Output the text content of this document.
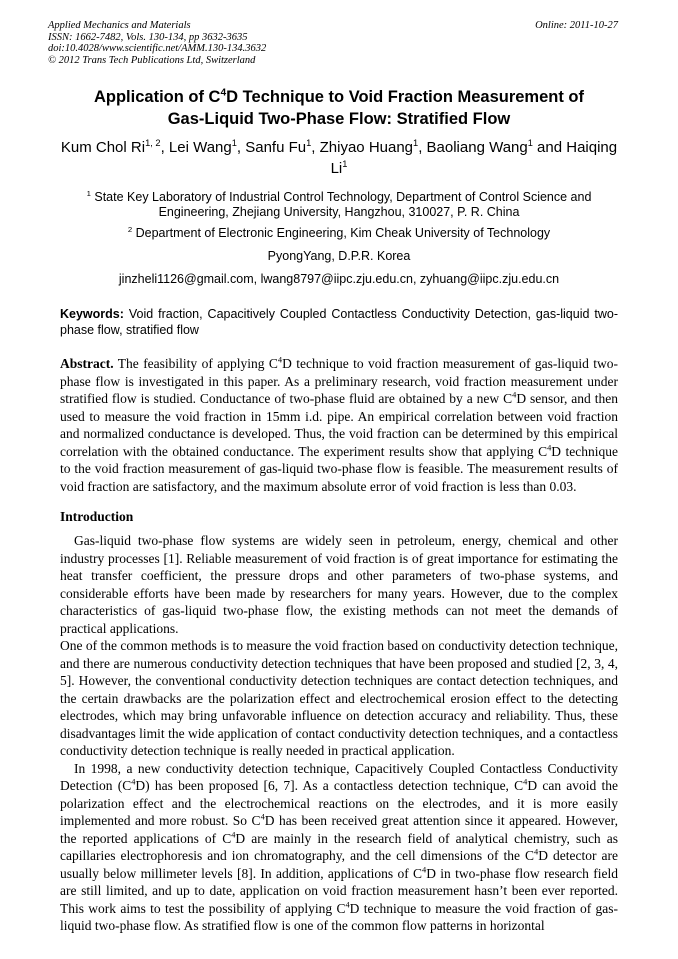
Applied Mechanics and Materials
ISSN: 1662-7482, Vols. 130-134, pp 3632-3635
doi:10.4028/www.scientific.net/AMM.130-134.3632
© 2012 Trans Tech Publications Ltd, Switzerland
Online: 2011-10-27
Application of $C^4D$ Technique to Void Fraction Measurement of
Gas-Liquid Two-Phase Flow: Stratified Flow
Kum Chol Ri$^{1, 2}$, Lei Wang$^1$, Sanfu Fu$^1$, Zhiyao Huang$^1$, Baoliang Wang$^1$ and Haiqing Li$^1$
$^1$ State Key Laboratory of Industrial Control Technology, Department of Control Science and
Engineering, Zhejiang University, Hangzhou, 310027, P. R. China
$^2$ Department of Electronic Engineering, Kim Cheak University of Technology
PyongYang, D.P.R. Korea
jinzheli1126@gmail.com, lwang8797@iipc.zju.edu.cn, zyhuang@iipc.zju.edu.cn

Keywords: Void fraction, Capacitively Coupled Contactless Conductivity Detection, gas-liquid two-phase flow, stratified flow

Abstract. The feasibility of applying $C^4D$ technique to void fraction measurement of gas-liquid two-phase flow is investigated in this paper. As a preliminary research, void fraction measurement under stratified flow is studied. Conductance of two-phase fluid are obtained by a new $C^4D$ sensor, and then used to measure the void fraction in 15mm i.d. pipe. An empirical correlation between void fraction and normalized conductance is developed. Thus, the void fraction can be determined by this empirical correlation with the obtained conductance. The experiment results show that applying $C^4D$ technique to the void fraction measurement of gas-liquid two-phase flow is feasible. The measurement results of void fraction are satisfactory, and the maximum absolute error of void fraction is less than 0.03.

Introduction

Gas-liquid two-phase flow systems are widely seen in petroleum, energy, chemical and other industry processes [1]. Reliable measurement of void fraction is of great importance for estimating the heat transfer coefficient, the pressure drops and other parameters of two-phase systems, and considerable efforts have been made by researchers for many years. However, due to the complex characteristics of gas-liquid two-phase flow, the existing methods can not meet the demands of practical applications.

One of the common methods is to measure the void fraction based on conductivity detection technique, and there are numerous conductivity detection techniques that have been proposed and studied [2, 3, 4, 5]. However, the conventional conductivity detection techniques are contact detection techniques, and the certain drawbacks are the polarization effect and electrochemical erosion effect to the detecting electrodes, which may bring unfavorable influence on detection accuracy and reliability. Thus, these disadvantages limit the wide application of contact conductivity detection techniques, and a contactless conductivity detection technique is really needed in practical application.

In 1998, a new conductivity detection technique, Capacitively Coupled Contactless Conductivity Detection $(C^4D)$ has been proposed [6, 7]. As a contactless detection technique, $C^4D$ can avoid the polarization effect and the electrochemical reactions on the electrodes, and it is more easily implemented and more robust. So $C^4D$ has been received great attention since it appeared. However, the reported applications of $C^4D$ are mainly in the research field of analytical chemistry, such as capillaries electrophoresis and ion chromatography, and the cell dimensions of the $C^4D$ detector are usually below millimeter levels [8]. In addition, applications of $C^4D$ in two-phase flow research field are still limited, and up to date, application on void fraction measurement hasn’t been ever reported. This work aims to test the possibility of applying $C^4D$ technique to measure the void fraction of gas-liquid two-phase flow. As stratified flow is one of the common flow patterns in horizontal
